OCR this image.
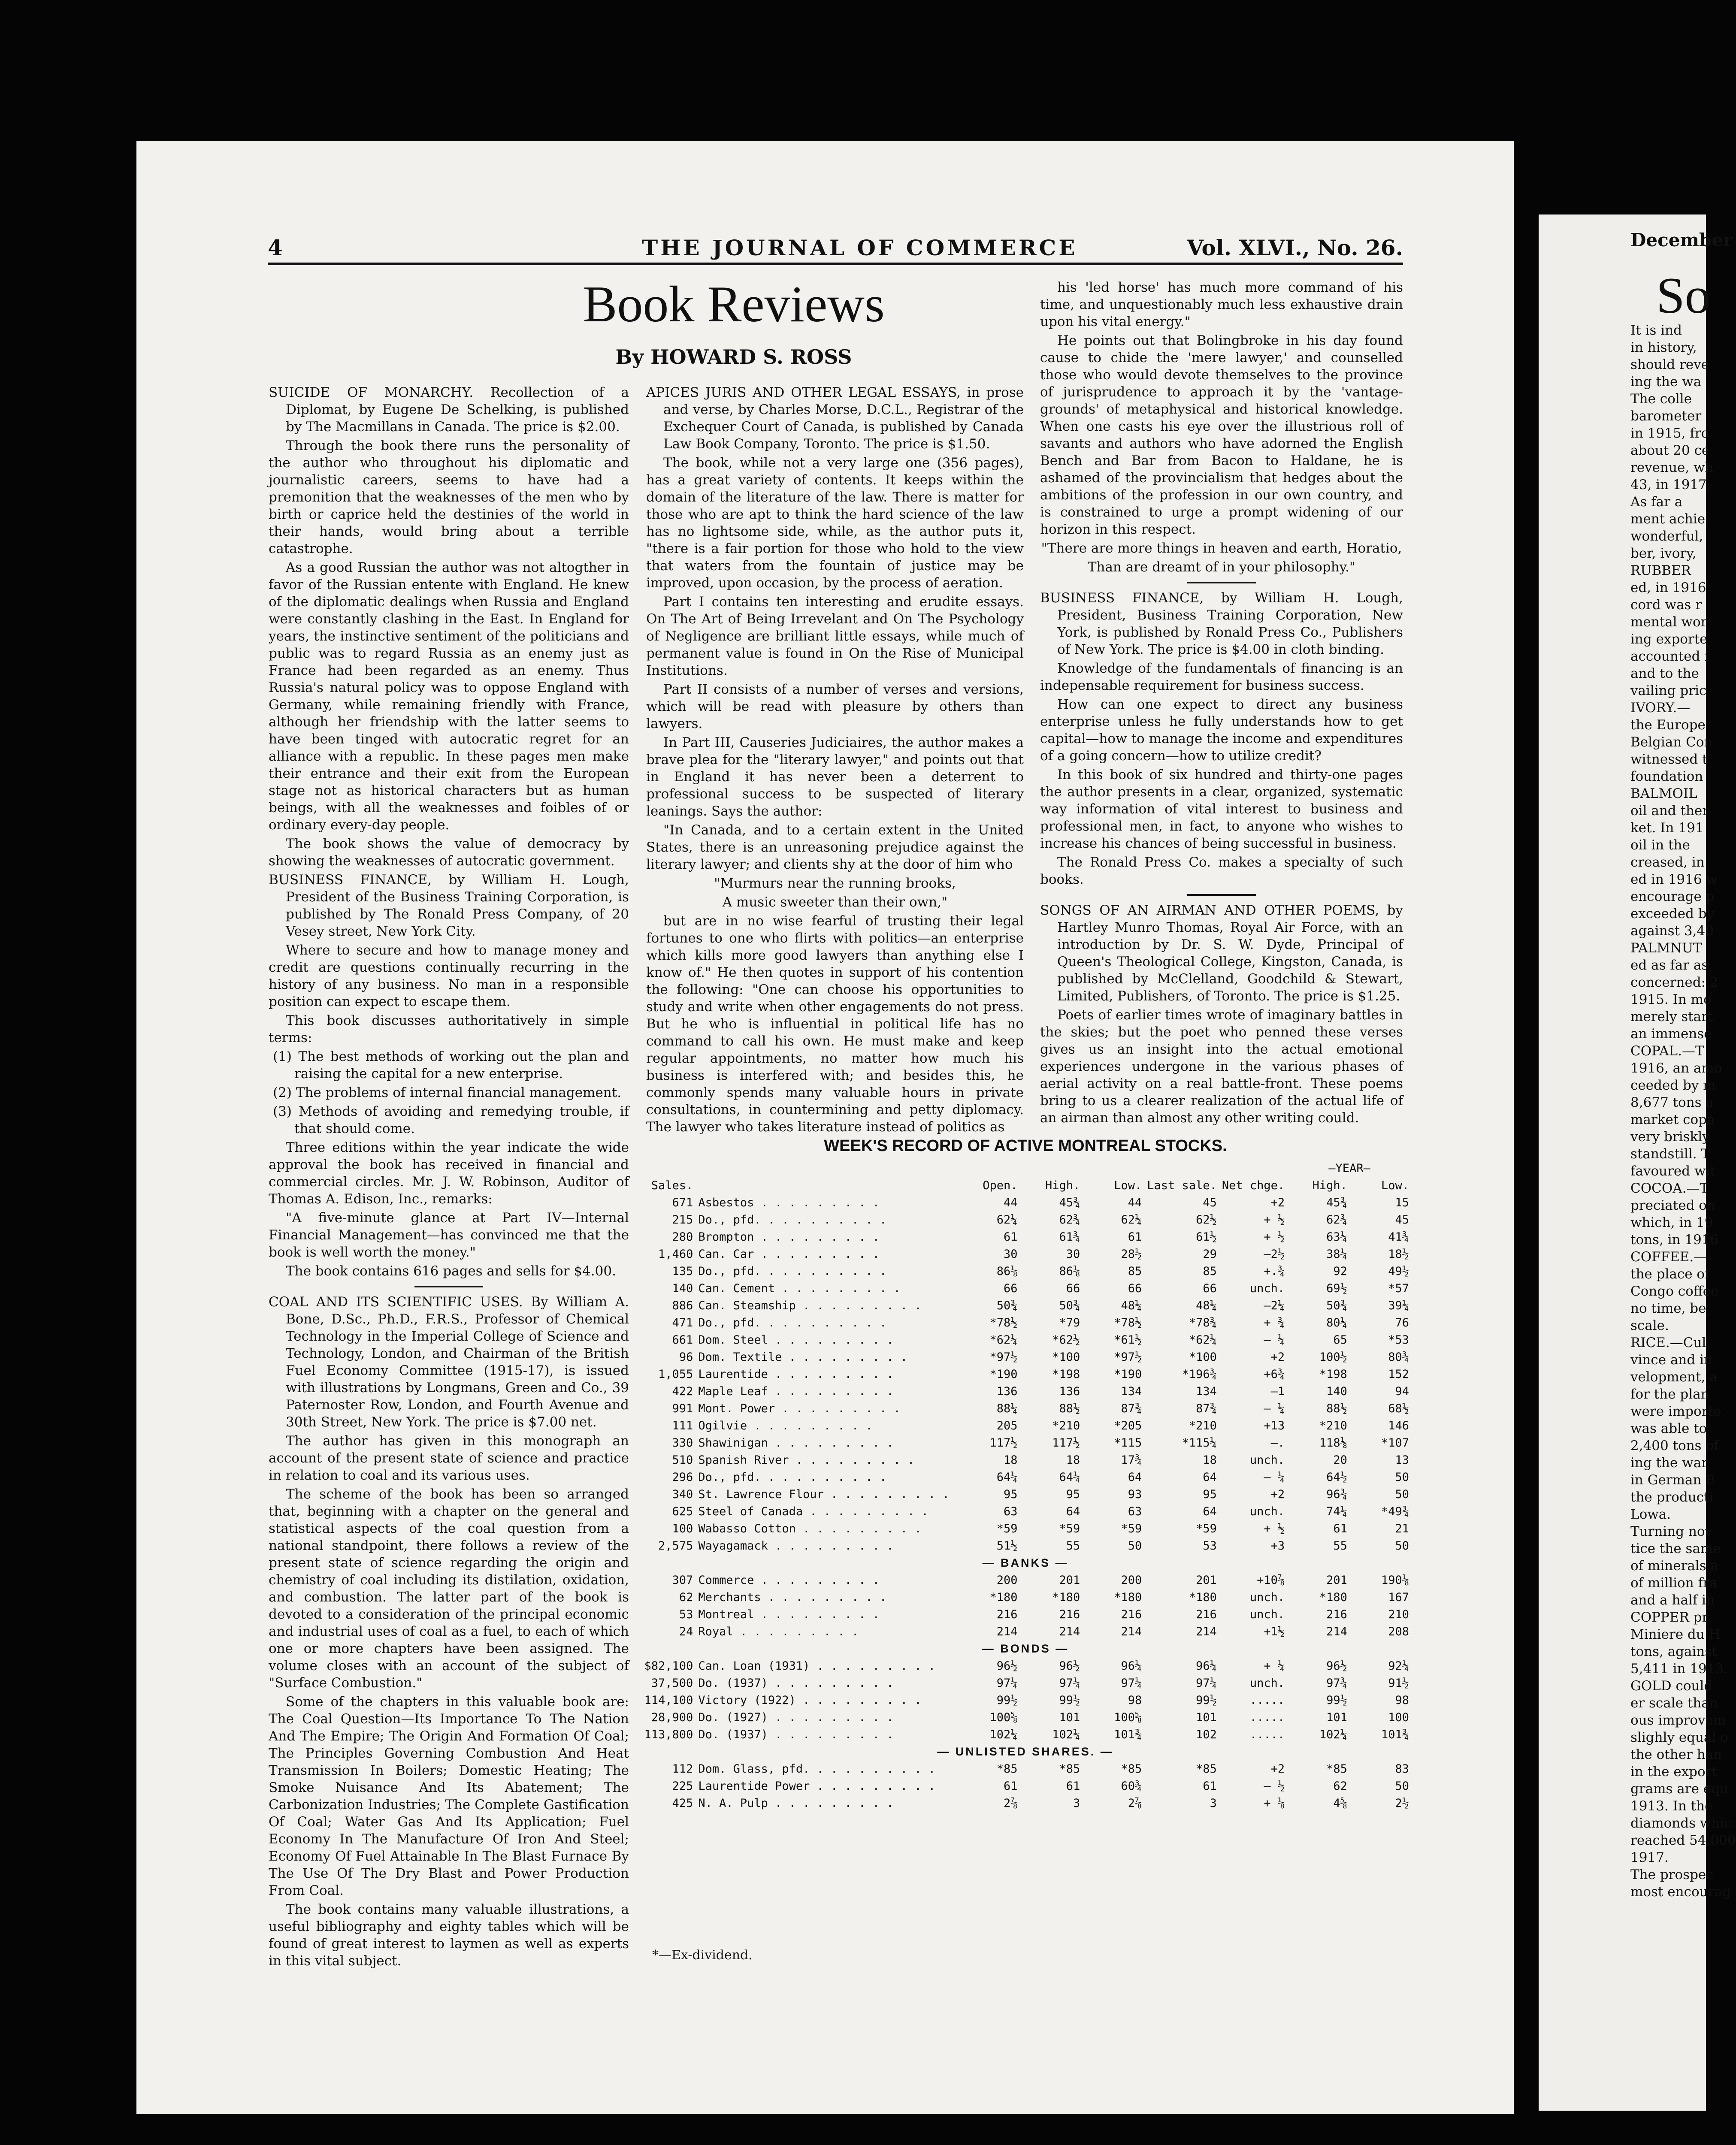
4	THE JOURNAL OF COMMERCE	Vol. XLVI., No. 26.
Book Reviews
By HOWARD S. ROSS

SUICIDE OF MONARCHY. Recollection of a Diplomat, by Eugene De Schelking, is published by The Macmillans in Canada. The price is $2.00.

Through the book there runs the personality of the author who throughout his diplomatic and journalistic careers, seems to have had a premonition that the weaknesses of the men who by birth or caprice held the destinies of the world in their hands, would bring about a terrible catastrophe.

As a good Russian the author was not altogther in favor of the Russian entente with England. He knew of the diplomatic dealings when Russia and England were constantly clashing in the East. In England for years, the instinctive sentiment of the politicians and public was to regard Russia as an enemy just as France had been regarded as an enemy. Thus Russia's natural policy was to oppose England with Germany, while remaining friendly with France, although her friendship with the latter seems to have been tinged with autocratic regret for an alliance with a republic. In these pages men make their entrance and their exit from the European stage not as historical characters but as human beings, with all the weaknesses and foibles of or ordinary every-day people.

The book shows the value of democracy by showing the weaknesses of autocratic government.

BUSINESS FINANCE, by William H. Lough, President of the Business Training Corporation, is published by The Ronald Press Company, of 20 Vesey street, New York City.

Where to secure and how to manage money and credit are questions continually recurring in the history of any business. No man in a responsible position can expect to escape them.

This book discusses authoritatively in simple terms:

(1) The best methods of working out the plan and raising the capital for a new enterprise.

(2) The problems of internal financial management.

(3) Methods of avoiding and remedying trouble, if that should come.

Three editions within the year indicate the wide approval the book has received in financial and commercial circles. Mr. J. W. Robinson, Auditor of Thomas A. Edison, Inc., remarks:

"A five-minute glance at Part IV—Internal Financial Management—has convinced me that the book is well worth the money."

The book contains 616 pages and sells for $4.00.

COAL AND ITS SCIENTIFIC USES. By William A. Bone, D.Sc., Ph.D., F.R.S., Professor of Chemical Technology in the Imperial College of Science and Technology, London, and Chairman of the British Fuel Economy Committee (1915-17), is issued with illustrations by Longmans, Green and Co., 39 Paternoster Row, London, and Fourth Avenue and 30th Street, New York. The price is $7.00 net.

The author has given in this monograph an account of the present state of science and practice in relation to coal and its various uses.

The scheme of the book has been so arranged that, beginning with a chapter on the general and statistical aspects of the coal question from a national standpoint, there follows a review of the present state of science regarding the origin and chemistry of coal including its distilation, oxidation, and combustion. The latter part of the book is devoted to a consideration of the principal economic and industrial uses of coal as a fuel, to each of which one or more chapters have been assigned. The volume closes with an account of the subject of "Surface Combustion."

Some of the chapters in this valuable book are: The Coal Question—Its Importance To The Nation And The Empire; The Origin And Formation Of Coal; The Principles Governing Combustion And Heat Transmission In Boilers; Domestic Heating; The Smoke Nuisance And Its Abatement; The Carbonization Industries; The Complete Gastification Of Coal; Water Gas And Its Application; Fuel Economy In The Manufacture Of Iron And Steel; Economy Of Fuel Attainable In The Blast Furnace By The Use Of The Dry Blast and Power Production From Coal.

The book contains many valuable illustrations, a useful bibliography and eighty tables which will be found of great interest to laymen as well as experts in this vital subject.

APICES JURIS AND OTHER LEGAL ESSAYS, in prose and verse, by Charles Morse, D.C.L., Registrar of the Exchequer Court of Canada, is published by Canada Law Book Company, Toronto. The price is $1.50.

The book, while not a very large one (356 pages), has a great variety of contents. It keeps within the domain of the literature of the law. There is matter for those who are apt to think the hard science of the law has no lightsome side, while, as the author puts it, "there is a fair portion for those who hold to the view that waters from the fountain of justice may be improved, upon occasion, by the process of aeration.

Part I contains ten interesting and erudite essays. On The Art of Being Irrevelant and On The Psychology of Negligence are brilliant little essays, while much of permanent value is found in On the Rise of Municipal Institutions.

Part II consists of a number of verses and versions, which will be read with pleasure by others than lawyers.

In Part III, Causeries Judiciaires, the author makes a brave plea for the "literary lawyer," and points out that in England it has never been a deterrent to professional success to be suspected of literary leanings. Says the author:

"In Canada, and to a certain extent in the United States, there is an unreasoning prejudice against the literary lawyer; and clients shy at the door of him who

"Murmurs near the running brooks,

A music sweeter than their own,"

but are in no wise fearful of trusting their legal fortunes to one who flirts with politics—an enterprise which kills more good lawyers than anything else I know of." He then quotes in support of his contention the following: "One can choose his opportunities to study and write when other engagements do not press. But he who is influential in political life has no command to call his own. He must make and keep regular appointments, no matter how much his business is interfered with; and besides this, he commonly spends many valuable hours in private consultations, in countermining and petty diplomacy. The lawyer who takes literature instead of politics as

his 'led horse' has much more command of his time, and unquestionably much less exhaustive drain upon his vital energy."

He points out that Bolingbroke in his day found cause to chide the 'mere lawyer,' and counselled those who would devote themselves to the province of jurisprudence to approach it by the 'vantage-grounds' of metaphysical and historical knowledge. When one casts his eye over the illustrious roll of savants and authors who have adorned the English Bench and Bar from Bacon to Haldane, he is ashamed of the provincialism that hedges about the ambitions of the profession in our own country, and is constrained to urge a prompt widening of our horizon in this respect.

"There are more things in heaven and earth, Horatio,

Than are dreamt of in your philosophy."

BUSINESS FINANCE, by William H. Lough, President, Business Training Corporation, New York, is published by Ronald Press Co., Publishers of New York. The price is $4.00 in cloth binding.

Knowledge of the fundamentals of financing is an indepensable requirement for business success.

How can one expect to direct any business enterprise unless he fully understands how to get capital—how to manage the income and expenditures of a going concern—how to utilize credit?

In this book of six hundred and thirty-one pages the author presents in a clear, organized, systematic way information of vital interest to business and professional men, in fact, to anyone who wishes to increase his chances of being successful in business.

The Ronald Press Co. makes a specialty of such books.

SONGS OF AN AIRMAN AND OTHER POEMS, by Hartley Munro Thomas, Royal Air Force, with an introduction by Dr. S. W. Dyde, Principal of Queen's Theological College, Kingston, Canada, is published by McClelland, Goodchild & Stewart, Limited, Publishers, of Toronto. The price is $1.25.

Poets of earlier times wrote of imaginary battles in the skies; but the poet who penned these verses gives us an insight into the actual emotional experiences undergone in the various phases of aerial activity on a real battle-front. These poems bring to us a clearer realization of the actual life of an airman than almost any other writing could.

WEEK'S RECORD OF ACTIVE MONTREAL STOCKS.
							—YEAR—	
Sales.		Open.	High.	Low.	Last sale.	Net chge.	High.	Low.
671	Asbestos . . . . . . . . .	44	45¾	44	45	+2	45¾	15
215	Do., pfd. . . . . . . . . .	62¼	62¾	62¼	62½	+ ½	62¾	45
280	Brompton . . . . . . . . .	61	61¾	61	61½	+ ½	63¼	41¾
1,460	Can. Car . . . . . . . . .	30	30	28½	29	—2½	38¼	18½
135	Do., pfd. . . . . . . . . .	86⅛	86⅛	85	85	+.¾	92	49½
140	Can. Cement . . . . . . . . .	66	66	66	66	unch.	69½	*57
886	Can. Steamship . . . . . . . . .	50¾	50¾	48¼	48¼	—2¼	50¾	39¼
471	Do., pfd. . . . . . . . . .	*78½	*79	*78½	*78¾	+ ¾	80¼	76
661	Dom. Steel . . . . . . . . .	*62¼	*62½	*61½	*62¼	— ¼	65	*53
96	Dom. Textile . . . . . . . . .	*97½	*100	*97½	*100	+2	100½	80¾
1,055	Laurentide . . . . . . . . .	*190	*198	*190	*196¾	+6¾	*198	152
422	Maple Leaf . . . . . . . . .	136	136	134	134	—1	140	94
991	Mont. Power . . . . . . . . .	88¼	88½	87¾	87¾	— ¼	88½	68½
111	Ogilvie . . . . . . . . .	205	*210	*205	*210	+13	*210	146
330	Shawinigan . . . . . . . . .	117½	117½	*115	*115¼	—.	118⅛	*107
510	Spanish River . . . . . . . . .	18	18	17¾	18	unch.	20	13
296	Do., pfd. . . . . . . . . .	64¼	64¼	64	64	— ¼	64½	50
340	St. Lawrence Flour . . . . . . . . .	95	95	93	95	+2	96¾	50
625	Steel of Canada . . . . . . . . .	63	64	63	64	unch.	74¼	*49¾
100	Wabasso Cotton . . . . . . . . .	*59	*59	*59	*59	+ ½	61	21
2,575	Wayagamack . . . . . . . . .	51½	55	50	53	+3	55	50
— BANKS —								
307	Commerce . . . . . . . . .	200	201	200	201	+10⅞	201	190⅛
62	Merchants . . . . . . . . .	*180	*180	*180	*180	unch.	*180	167
53	Montreal . . . . . . . . .	216	216	216	216	unch.	216	210
24	Royal . . . . . . . . .	214	214	214	214	+1½	214	208
— BONDS —								
$82,100	Can. Loan (1931) . . . . . . . . .	96½	96½	96¼	96¼	+ ¼	96½	92¼
37,500	Do. (1937) . . . . . . . . .	97¼	97¼	97¼	97¼	unch.	97¾	91½
114,100	Victory (1922) . . . . . . . . .	99½	99½	98	99½	.....	99½	98
28,900	Do. (1927) . . . . . . . . .	100⅝	101	100⅝	101	.....	101	100
113,800	Do. (1937) . . . . . . . . .	102¼	102¼	101¾	102	.....	102¼	101¾
— UNLISTED SHARES. —								
112	Dom. Glass, pfd. . . . . . . . . .	*85	*85	*85	*85	+2	*85	83
225	Laurentide Power . . . . . . . . .	61	61	60¾	61	— ½	62	50
425	N. A. Pulp . . . . . . . . .	2⅞	3	2⅞	3	+ ⅛	4⅝	2½
*—Ex-dividend.
So
December
It is ind
in history,
should reve
ing the wa
The colle
barometer
in 1915, fro
about 20 ce
revenue, wh
43, in 1917,
As far a
ment achie
wonderful,
ber, ivory,
RUBBER
ed, in 1916
cord was r
mental wor
ing exporte
accounted f
and to the
vailing pric
IVORY.—
the Europe
Belgian Con
witnessed t
foundation
BALMOIL
oil and ther
ket. In 191
oil in the
creased, in
ed in 1916 w
encourage p
exceeded by
against 3,40
PALMNUT
ed as far as
concerned: 2
1915. In mo
merely start
an immense
COPAL.—T
1916, an amo
ceeded by m
8,677 tons a
market copa
very briskly
standstill. T
favoured wit
COCOA.—T
preciated on
which, in 19
tons, in 1916
COFFEE.—
the place of
Congo coffee
no time, be
scale.
RICE.—Cul
vince and in
velopment, a
for the plan
were importe
was able to
2,400 tons of
ing the war,
in German E
the producti
Lowa.
Turning nov
tice the same
of minerals a
of million fra
and a half in
COPPER pr
Miniere du H
tons, against
5,411 in 1913.
GOLD could
er scale than
ous improvem
slighly equal o
the other han
in the export
grams are equ
1913. In the
diamonds whic
reached 54,000
1917.
The prospec
most encourag
